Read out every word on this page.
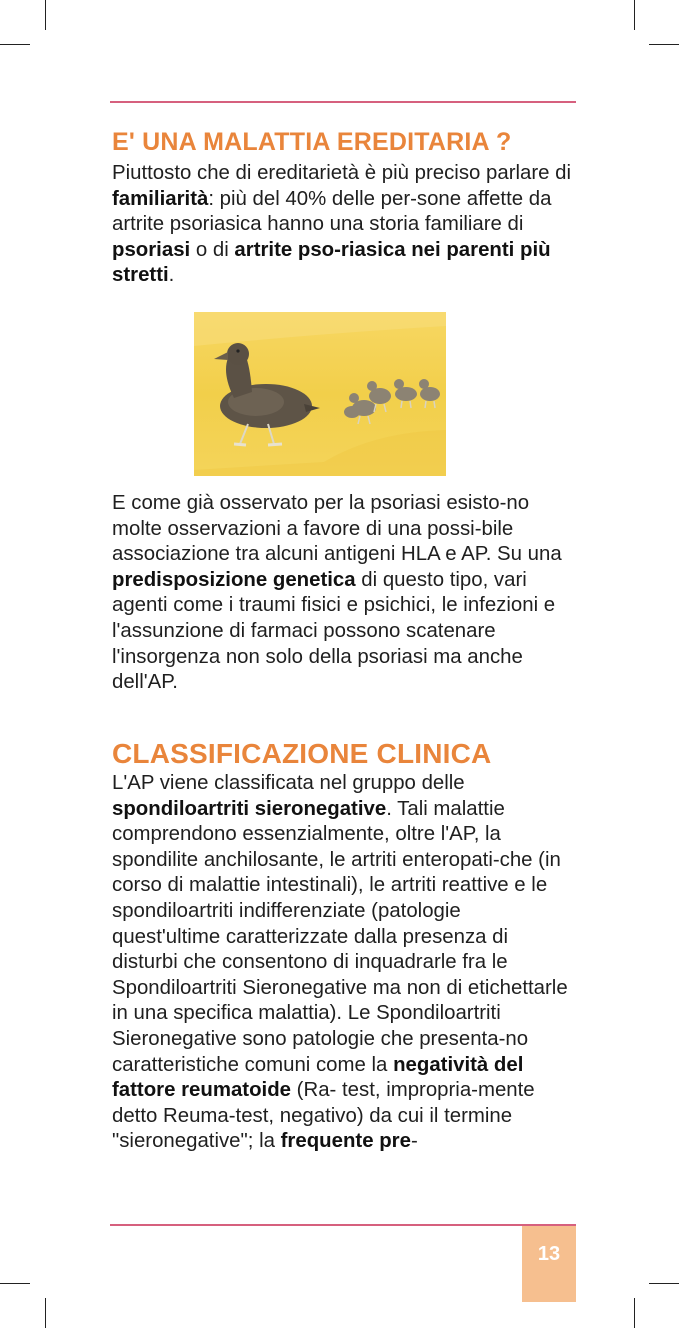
E' UNA MALATTIA EREDITARIA ?

Piuttosto che di ereditarietà è più preciso parlare di familiarità: più del 40% delle per-sone affette da artrite psoriasica hanno una storia familiare di psoriasi o di artrite pso-riasica nei parenti più stretti.

E come già osservato per la psoriasi esisto-no molte osservazioni a favore di una possi-bile associazione tra alcuni antigeni HLA e AP. Su una predisposizione genetica di questo tipo, vari agenti come i traumi fisici e psichici, le infezioni e l'assunzione di farmaci possono scatenare l'insorgenza non solo della psoriasi ma anche dell'AP.

CLASSIFICAZIONE CLINICA

L'AP viene classificata nel gruppo delle spondiloartriti sieronegative. Tali malattie comprendono essenzialmente, oltre l'AP, la spondilite anchilosante, le artriti enteropati-che (in corso di malattie intestinali), le artriti reattive e le spondiloartriti indifferenziate (patologie quest'ultime caratterizzate dalla presenza di disturbi che consentono di inquadrarle fra le Spondiloartriti Sieronegative ma non di etichettarle in una specifica malattia). Le Spondiloartriti Sieronegative sono patologie che presenta-no caratteristiche comuni come la negatività del fattore reumatoide (Ra- test, impropria-mente detto Reuma-test, negativo) da cui il termine "sieronegative"; la frequente pre-

13
